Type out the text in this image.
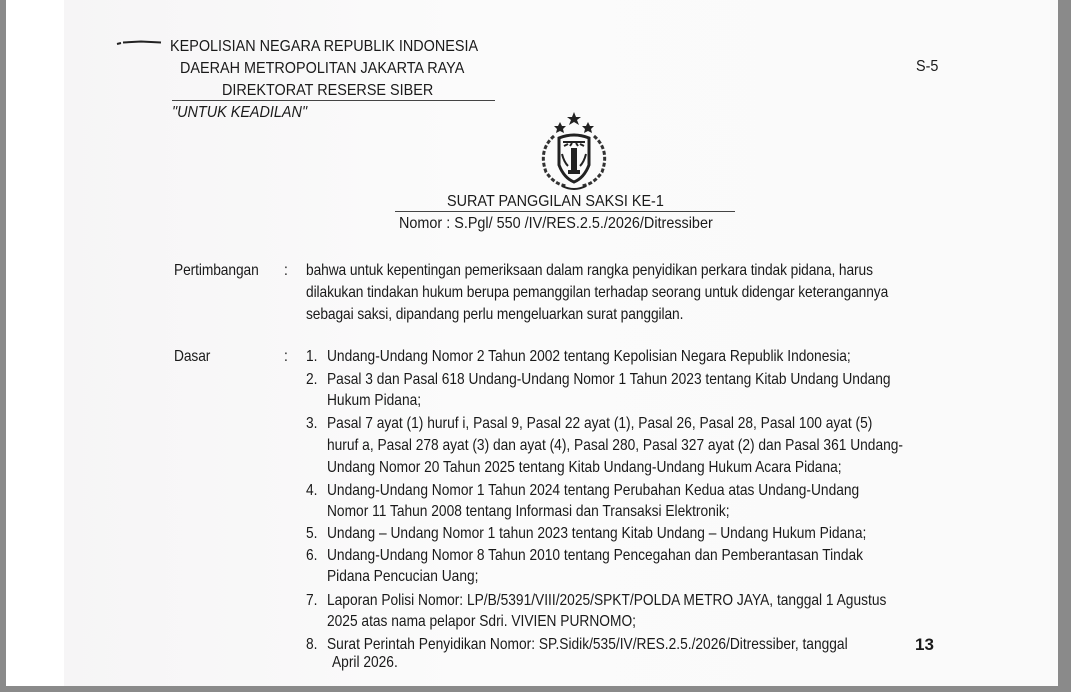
KEPOLISIAN NEGARA REPUBLIK INDONESIA
DAERAH METROPOLITAN JAKARTA RAYA
DIREKTORAT RESERSE SIBER
"UNTUK KEADILAN"
S-5
SURAT PANGGILAN SAKSI KE-1
Nomor : S.Pgl/ 550 /IV/RES.2.5./2026/Ditressiber
Pertimbangan : bahwa untuk kepentingan pemeriksaan dalam rangka penyidikan perkara tindak pidana, harus
dilakukan tindakan hukum berupa pemanggilan terhadap seorang untuk didengar keterangannya
sebagai saksi, dipandang perlu mengeluarkan surat panggilan.
Dasar	: 1. Undang-Undang Nomor 2 Tahun 2002 tentang Kepolisian Negara Republik Indonesia;
2. Pasal 3 dan Pasal 618 Undang-Undang Nomor 1 Tahun 2023 tentang Kitab Undang Undang
Hukum Pidana;
3. Pasal 7 ayat (1) huruf i, Pasal 9, Pasal 22 ayat (1), Pasal 26, Pasal 28, Pasal 100 ayat (5)
huruf a, Pasal 278 ayat (3) dan ayat (4), Pasal 280, Pasal 327 ayat (2) dan Pasal 361 Undang-
Undang Nomor 20 Tahun 2025 tentang Kitab Undang-Undang Hukum Acara Pidana;
4. Undang-Undang Nomor 1 Tahun 2024 tentang Perubahan Kedua atas Undang-Undang
Nomor 11 Tahun 2008 tentang Informasi dan Transaksi Elektronik;
5. Undang – Undang Nomor 1 tahun 2023 tentang Kitab Undang – Undang Hukum Pidana;
6. Undang-Undang Nomor 8 Tahun 2010 tentang Pencegahan dan Pemberantasan Tindak
Pidana Pencucian Uang;
7. Laporan Polisi Nomor: LP/B/5391/VIII/2025/SPKT/POLDA METRO JAYA, tanggal 1 Agustus
2025 atas nama pelapor Sdri. VIVIEN PURNOMO;
8. Surat Perintah Penyidikan Nomor: SP.Sidik/535/IV/RES.2.5./2026/Ditressiber, tanggal	13
April 2026.
